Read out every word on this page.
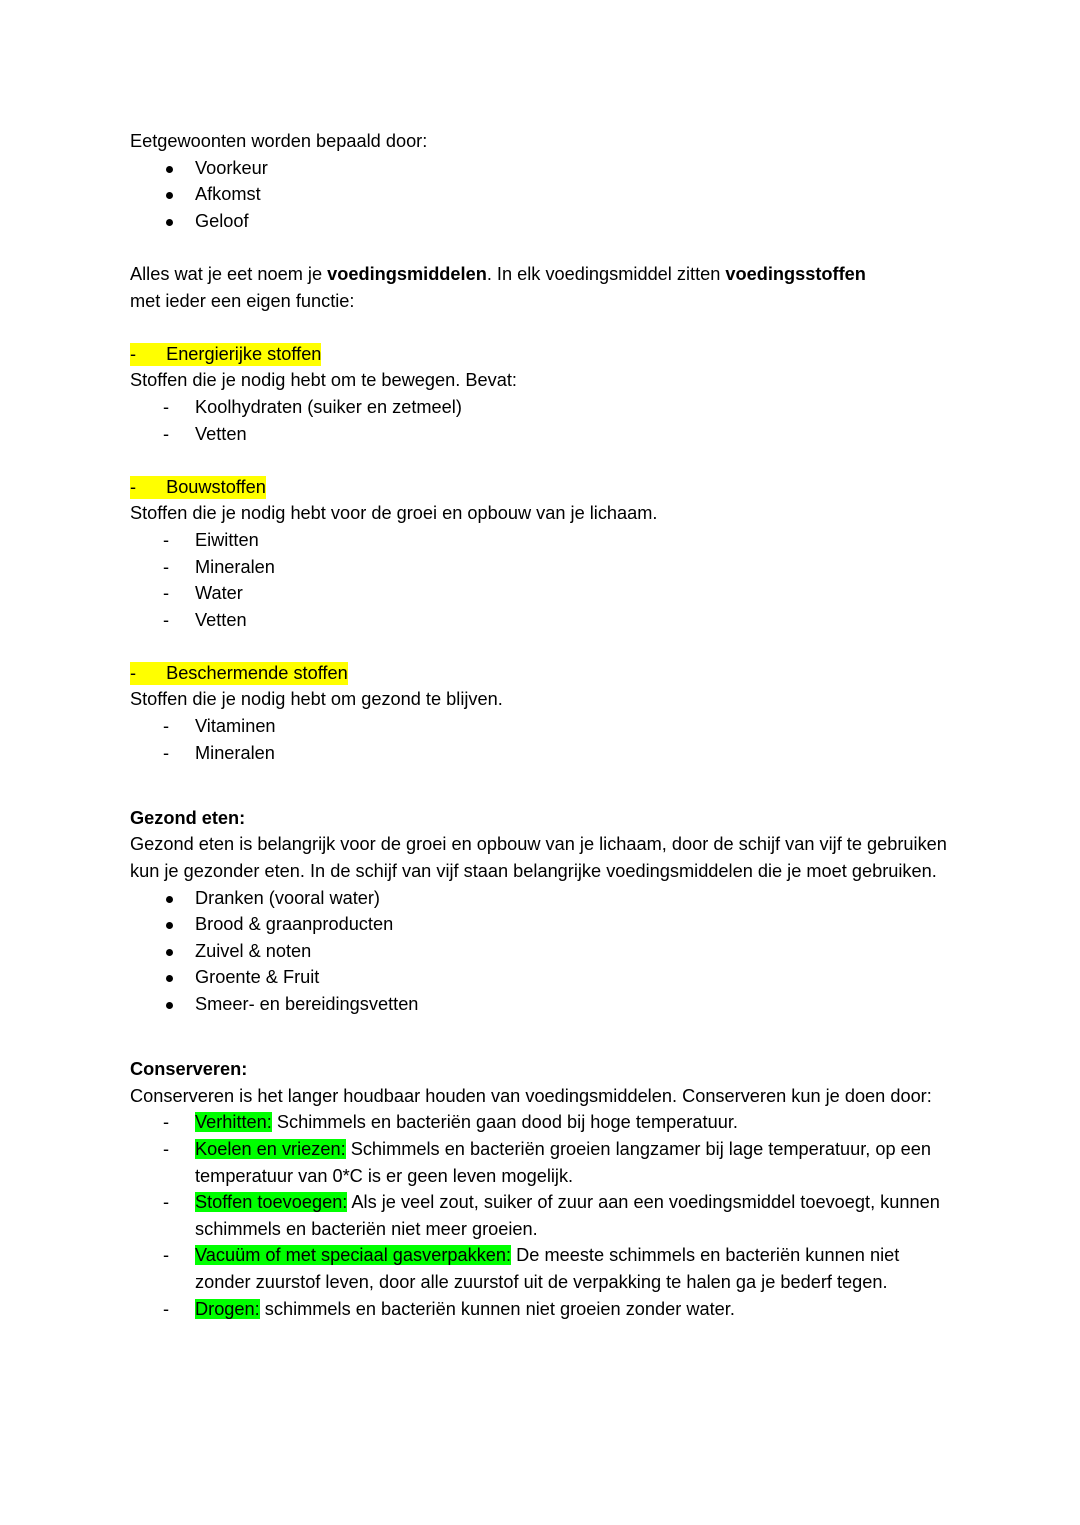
Eetgewoonten worden bepaald door:

Voorkeur
Afkomst
Geloof

Alles wat je eet noem je voedingsmiddelen. In elk voedingsmiddel zitten voedingsstoffen

met ieder een eigen functie:

- Energierijke stoffen

Stoffen die je nodig hebt om te bewegen. Bevat:

- Koolhydraten (suiker en zetmeel)
- Vetten

- Bouwstoffen

Stoffen die je nodig hebt voor de groei en opbouw van je lichaam.

- Eiwitten
- Mineralen
- Water
- Vetten

- Beschermende stoffen

Stoffen die je nodig hebt om gezond te blijven.

- Vitaminen
- Mineralen

Gezond eten:

Gezond eten is belangrijk voor de groei en opbouw van je lichaam, door de schijf van vijf te gebruiken kun je gezonder eten. In de schijf van vijf staan belangrijke voedingsmiddelen die je moet gebruiken.

Dranken (vooral water)
Brood & graanproducten
Zuivel & noten
Groente & Fruit
Smeer- en bereidingsvetten

Conserveren:

Conserveren is het langer houdbaar houden van voedingsmiddelen. Conserveren kun je doen door:

- Verhitten: Schimmels en bacteriën gaan dood bij hoge temperatuur.
- Koelen en vriezen: Schimmels en bacteriën groeien langzamer bij lage temperatuur, op een temperatuur van 0*C is er geen leven mogelijk.
- Stoffen toevoegen: Als je veel zout, suiker of zuur aan een voedingsmiddel toevoegt, kunnen schimmels en bacteriën niet meer groeien.
- Vacuüm of met speciaal gasverpakken: De meeste schimmels en bacteriën kunnen niet zonder zuurstof leven, door alle zuurstof uit de verpakking te halen ga je bederf tegen.
- Drogen: schimmels en bacteriën kunnen niet groeien zonder water.
